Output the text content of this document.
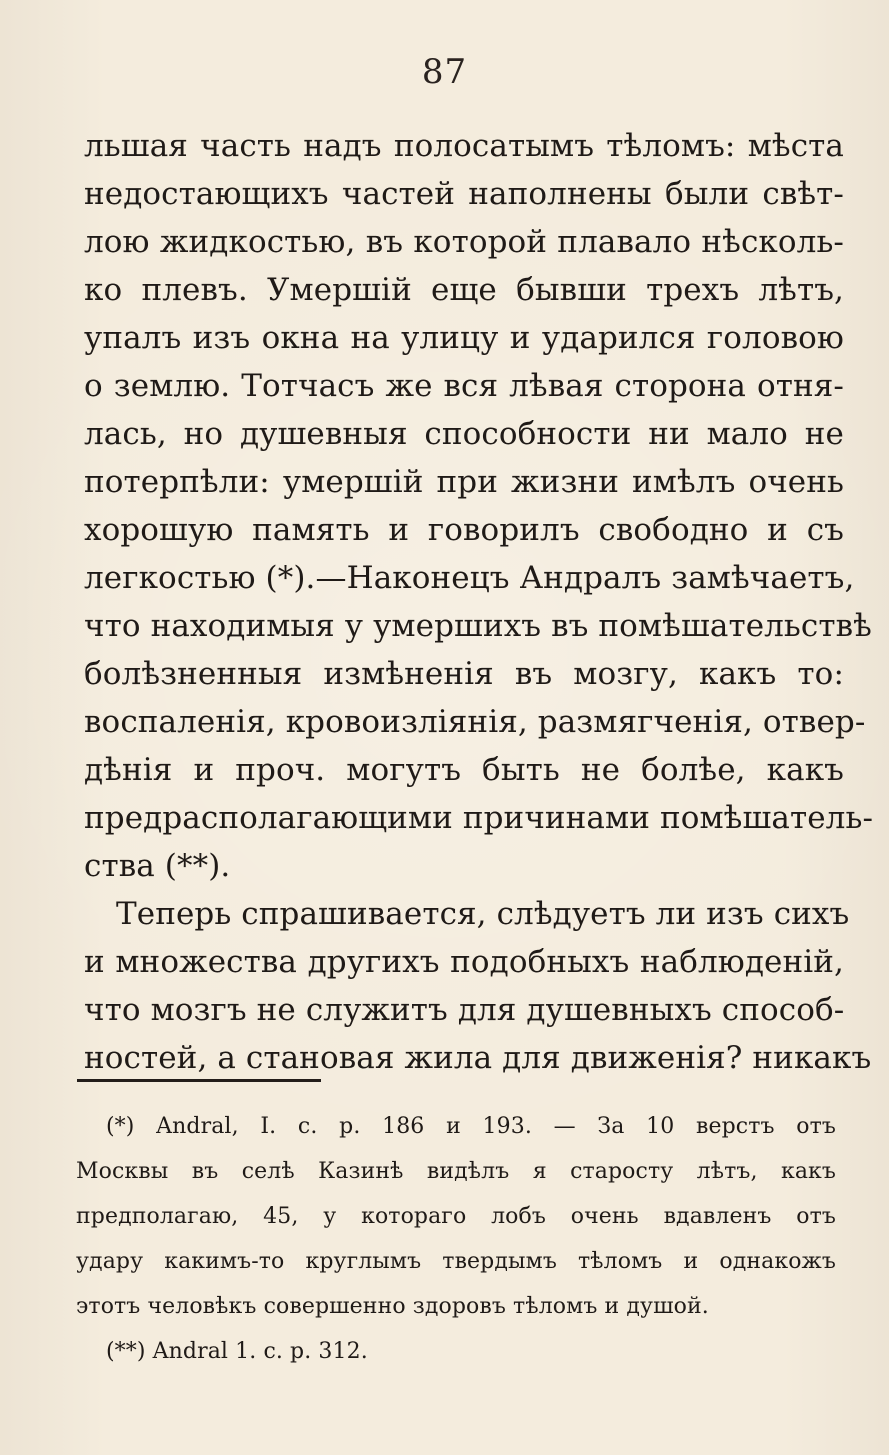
87
льшая часть надъ полосатымъ тѣломъ: мѣста
недостающихъ частей наполнены были свѣт-
лою жидкостью, въ которой плавало нѣсколь-
ко плевъ. Умершій еще бывши трехъ лѣтъ,
упалъ изъ окна на улицу и ударился головою
о землю. Тотчасъ же вся лѣвая сторона отня-
лась, но душевныя способности ни мало не
потерпѣли: умершій при жизни имѣлъ очень
хорошую память и говорилъ свободно и съ
легкостью (*).—Наконецъ Андралъ замѣчаетъ,
что находимыя у умершихъ въ помѣшательствѣ
болѣзненныя измѣненія въ мозгу, какъ то:
воспаленія, кровоизліянія, размягченія, отвер-
дѣнія и проч. могутъ быть не болѣе, какъ
предрасполагающими причинами помѣшатель-
ства (**).
Теперь спрашивается, слѣдуетъ ли изъ сихъ
и множества другихъ подобныхъ наблюденій,
что мозгъ не служитъ для душевныхъ способ-
ностей, а становая жила для движенія? никакъ
(*) Andral, I. c. p. 186 и 193. — За 10 верстъ отъ
Москвы въ селѣ Казинѣ видѣлъ я старосту лѣтъ, какъ
предполагаю, 45, у котораго лобъ очень вдавленъ отъ
удару какимъ-то круглымъ твердымъ тѣломъ и однакожъ
этотъ человѣкъ совершенно здоровъ тѣломъ и душой.
(**) Andral 1. c. p. 312.
